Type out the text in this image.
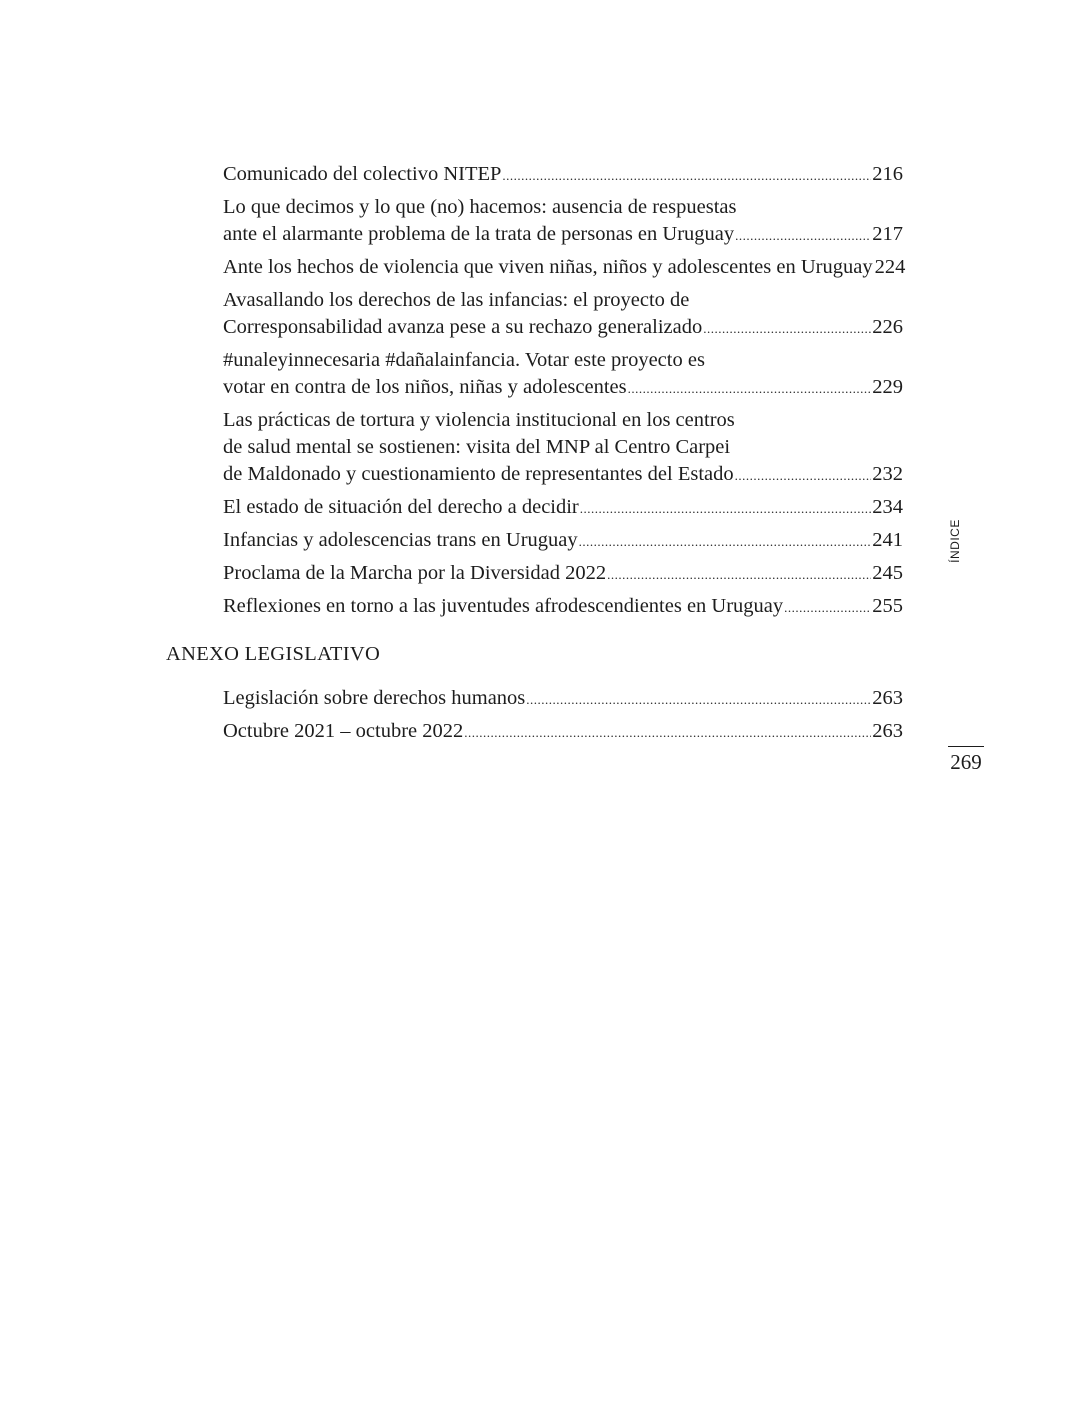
Comunicado del colectivo NITEP .....	216
Lo que decimos y lo que (no) hacemos: ausencia de respuestas
ante el alarmante problema de la trata de personas en Uruguay .....	217
Ante los hechos de violencia que viven niñas, niños y adolescentes en Uruguay 224
Avasallando los derechos de las infancias: el proyecto de
Corresponsabilidad avanza pese a su rechazo generalizado .....	226
#unaleyinnecesaria #dañalainfancia. Votar este proyecto es
votar en contra de los niños, niñas y adolescentes .....	229
Las prácticas de tortura y violencia institucional en los centros
de salud mental se sostienen: visita del MNP al Centro Carpei
de Maldonado y cuestionamiento de representantes del Estado .....	232
El estado de situación del derecho a decidir .....	234
Infancias y adolescencias trans en Uruguay .....	241
Proclama de la Marcha por la Diversidad 2022 .....	245
Reflexiones en torno a las juventudes afrodescendientes en Uruguay .....	255
ANEXO LEGISLATIVO
Legislación sobre derechos humanos .....	263
Octubre 2021 – octubre 2022 .....	263
ÍNDICE
269
